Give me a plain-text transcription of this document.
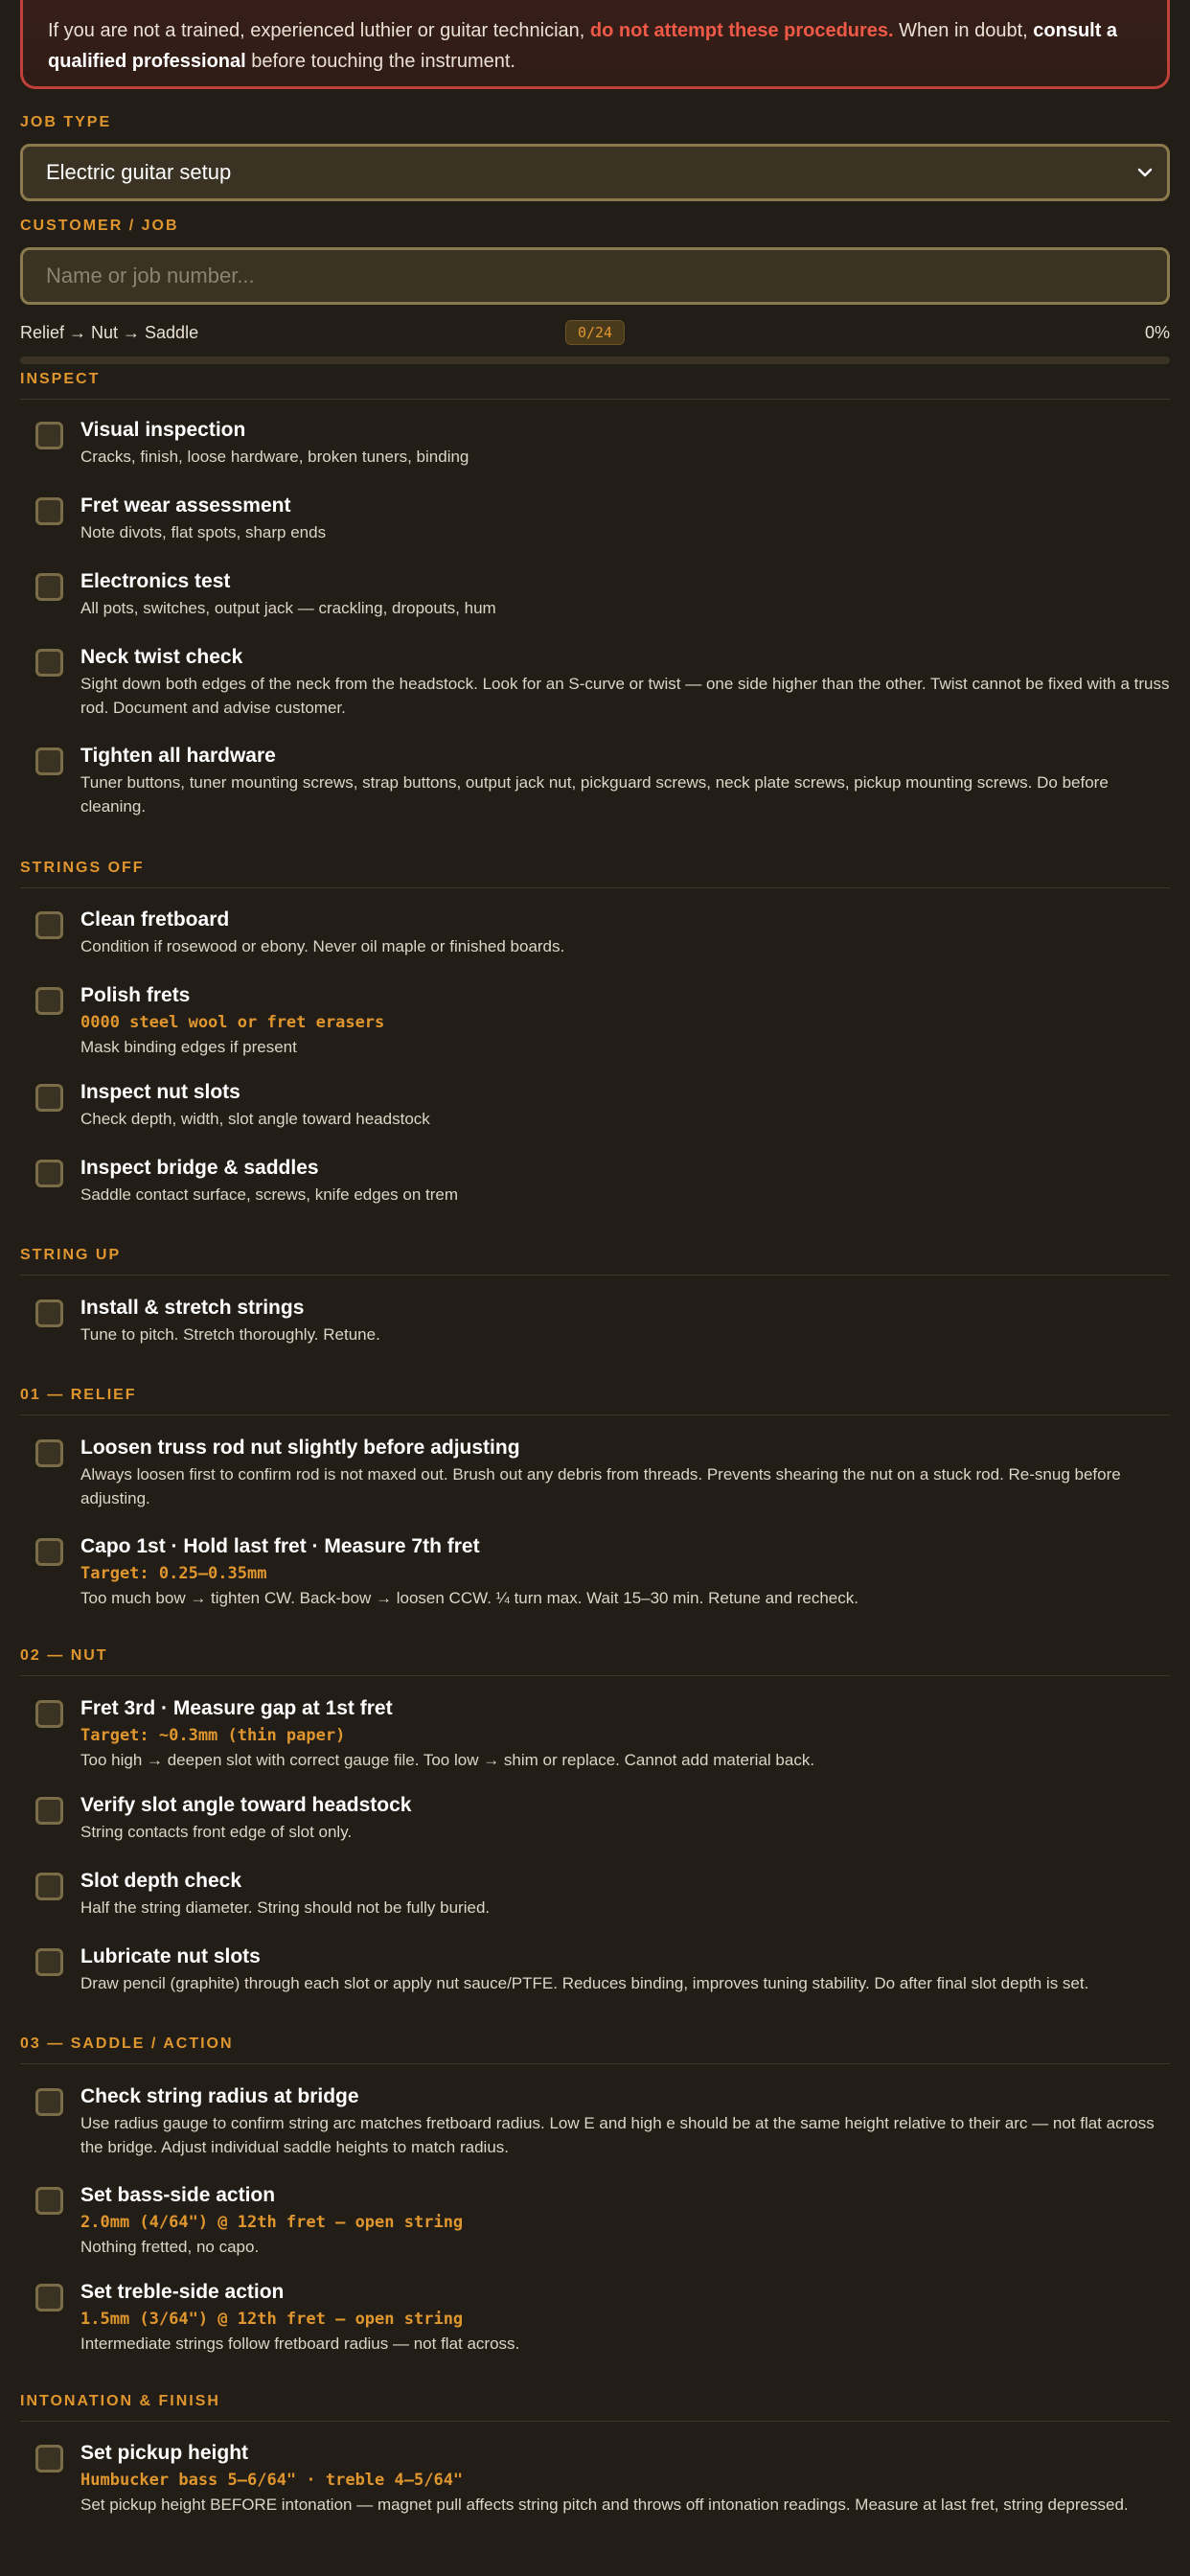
If you are not a trained, experienced luthier or guitar technician, do not attempt these procedures. When in doubt, consult a qualified professional before touching the instrument.
JOB TYPE
Electric guitar setup
CUSTOMER / JOB
Name or job number...
Relief → Nut → Saddle	0/24	0%
INSPECT
Visual inspection
Cracks, finish, loose hardware, broken tuners, binding
Fret wear assessment
Note divots, flat spots, sharp ends
Electronics test
All pots, switches, output jack — crackling, dropouts, hum
Neck twist check
Sight down both edges of the neck from the headstock. Look for an S-curve or twist — one side higher than the other. Twist cannot be fixed with a truss rod. Document and advise customer.
Tighten all hardware
Tuner buttons, tuner mounting screws, strap buttons, output jack nut, pickguard screws, neck plate screws, pickup mounting screws. Do before cleaning.
STRINGS OFF
Clean fretboard
Condition if rosewood or ebony. Never oil maple or finished boards.
Polish frets
0000 steel wool or fret erasers
Mask binding edges if present
Inspect nut slots
Check depth, width, slot angle toward headstock
Inspect bridge & saddles
Saddle contact surface, screws, knife edges on trem
STRING UP
Install & stretch strings
Tune to pitch. Stretch thoroughly. Retune.
01 — RELIEF
Loosen truss rod nut slightly before adjusting
Always loosen first to confirm rod is not maxed out. Brush out any debris from threads. Prevents shearing the nut on a stuck rod. Re-snug before adjusting.
Capo 1st · Hold last fret · Measure 7th fret
Target: 0.25–0.35mm
Too much bow → tighten CW. Back-bow → loosen CCW. ¼ turn max. Wait 15–30 min. Retune and recheck.
02 — NUT
Fret 3rd · Measure gap at 1st fret
Target: ~0.3mm (thin paper)
Too high → deepen slot with correct gauge file. Too low → shim or replace. Cannot add material back.
Verify slot angle toward headstock
String contacts front edge of slot only.
Slot depth check
Half the string diameter. String should not be fully buried.
Lubricate nut slots
Draw pencil (graphite) through each slot or apply nut sauce/PTFE. Reduces binding, improves tuning stability. Do after final slot depth is set.
03 — SADDLE / ACTION
Check string radius at bridge
Use radius gauge to confirm string arc matches fretboard radius. Low E and high e should be at the same height relative to their arc — not flat across the bridge. Adjust individual saddle heights to match radius.
Set bass-side action
2.0mm (4/64") @ 12th fret — open string
Nothing fretted, no capo.
Set treble-side action
1.5mm (3/64") @ 12th fret — open string
Intermediate strings follow fretboard radius — not flat across.
INTONATION & FINISH
Set pickup height
Humbucker bass 5–6/64" · treble 4–5/64"
Set pickup height BEFORE intonation — magnet pull affects string pitch and throws off intonation readings. Measure at last fret, string depressed.
